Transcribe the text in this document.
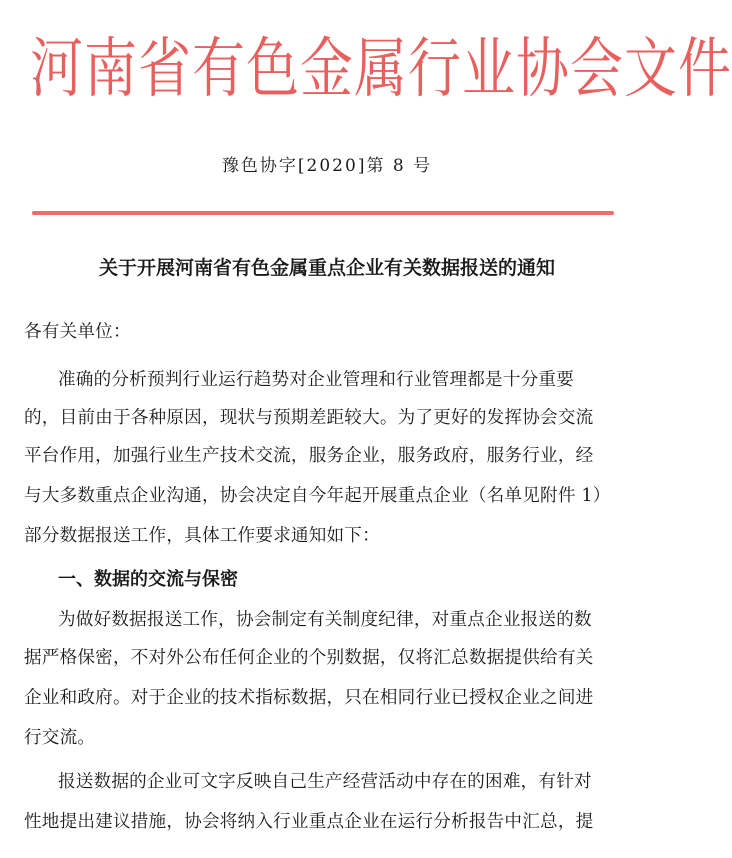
河南省有色金属行业协会文件
豫色协字[2020]第 8 号
关于开展河南省有色金属重点企业有关数据报送的通知
各有关单位：
准确的分析预判行业运行趋势对企业管理和行业管理都是十分重要
的，目前由于各种原因，现状与预期差距较大。为了更好的发挥协会交流
平台作用，加强行业生产技术交流，服务企业，服务政府，服务行业，经
与大多数重点企业沟通，协会决定自今年起开展重点企业（名单见附件 1）
部分数据报送工作，具体工作要求通知如下：
一、数据的交流与保密
为做好数据报送工作，协会制定有关制度纪律，对重点企业报送的数
据严格保密，不对外公布任何企业的个别数据，仅将汇总数据提供给有关
企业和政府。对于企业的技术指标数据，只在相同行业已授权企业之间进
行交流。
报送数据的企业可文字反映自己生产经营活动中存在的困难，有针对
性地提出建议措施，协会将纳入行业重点企业在运行分析报告中汇总，提
